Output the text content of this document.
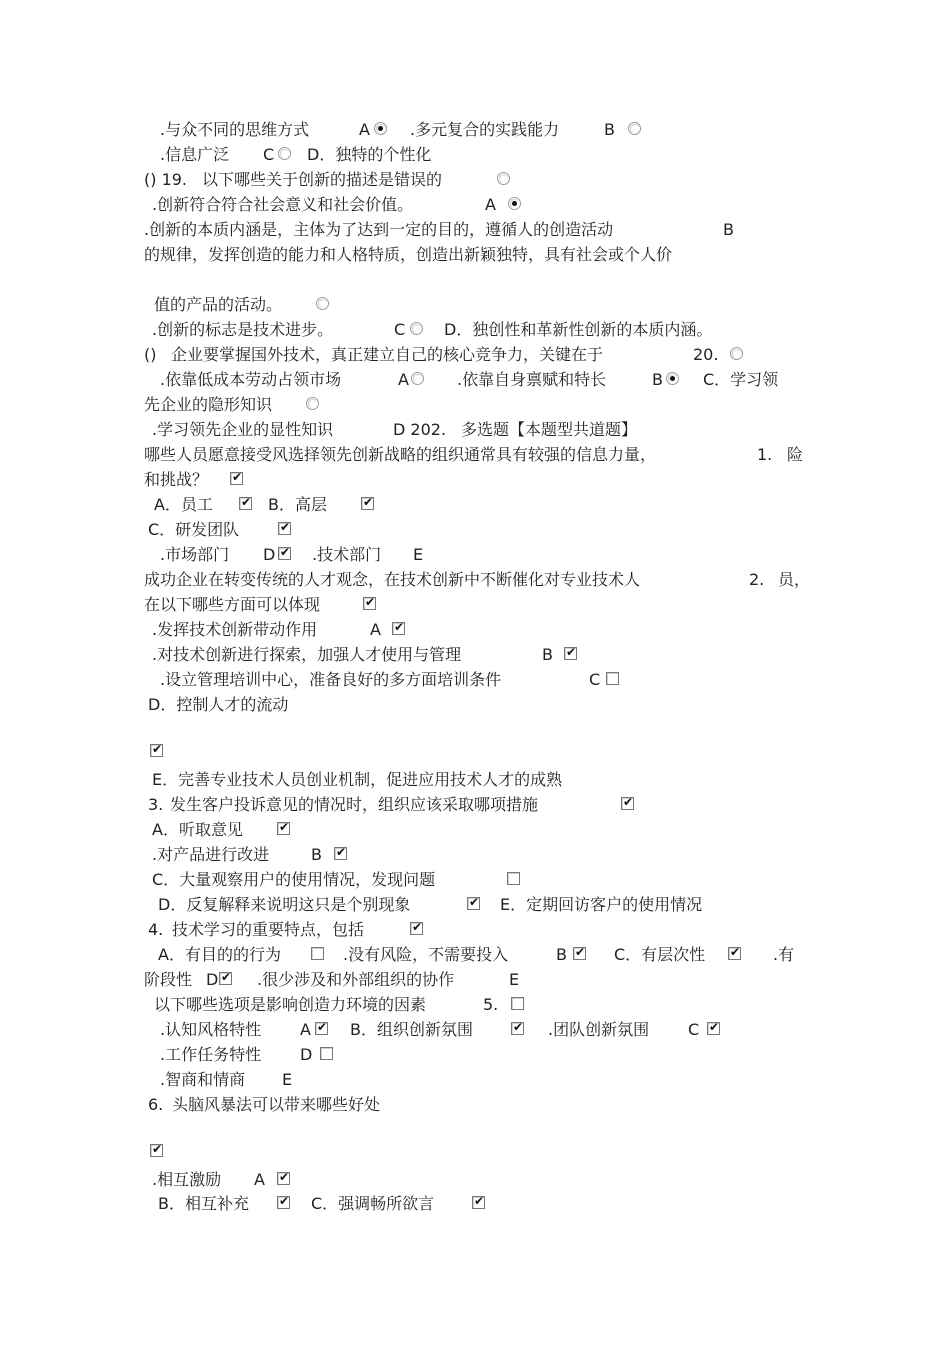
.与众不同的思维方式	A	.多元复合的实践能力	B
.信息广泛 C D．独特的个性化
() 19. 以下哪些关于创新的描述是错误的
.创新符合符合社会意义和社会价值。	A
.创新的本质内涵是，主体为了达到一定的目的，遵循人的创造活动	B
的规律，发挥创造的能力和人格特质，创造出新颖独特，具有社会或个人价
值的产品的活动。
.创新的标志是技术进步。	C D．独创性和革新性创新的本质内涵。
() 企业要掌握国外技术，真正建立自己的核心竞争力，关键在于	20.
.依靠低成本劳动占领市场	A	.依靠自身禀赋和特长	B	C．学习领
先企业的隐形知识
.学习领先企业的显性知识	D 202. 多选题【本题型共道题】
哪些人员愿意接受风选择领先创新战略的组织通常具有较强的信息力量，	1. 险
和挑战？
✔
A．员工	B．高层
✔
✔
C．研发团队
✔
.市场部门 D .技术部门 E
✔
成功企业在转变传统的人才观念，在技术创新中不断催化对专业技术人	2. 员，
在以下哪些方面可以体现
✔
.发挥技术创新带动作用	A
✔
.对技术创新进行探索，加强人才使用与管理	B
✔
.设立管理培训中心，准备良好的多方面培训条件	C
D．控制人才的流动
✔
E．完善专业技术人员创业机制，促进应用技术人才的成熟
3. 发生客户投诉意见的情况时，组织应该采取哪项措施
✔
A．听取意见
✔
.对产品进行改进	B
✔
C．大量观察用户的使用情况，发现问题
D．反复解释来说明这只是个别现象	E．定期回访客户的使用情况
✔
4. 技术学习的重要特点，包括
✔
A．有目的的行为	.没有风险，不需要投入	B	C．有层次性	.有
✔
✔
阶段性 D .很少涉及和外部组织的协作	E
✔
以下哪些选项是影响创造力环境的因素	5.
.认知风格特性 A B．组织创新氛围	.团队创新氛围 C
✔
✔
✔
.工作任务特性 D
.智商和情商 E
6. 头脑风暴法可以带来哪些好处
✔
.相互激励 A
✔
B．相互补充	C．强调畅所欲言
✔
✔
